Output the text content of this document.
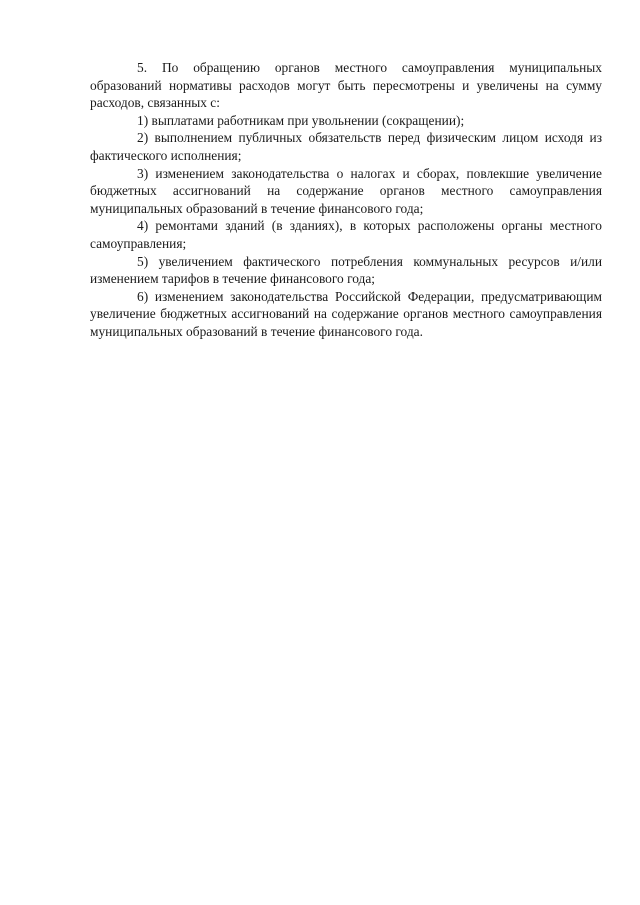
5. По обращению органов местного самоуправления муниципальных образований нормативы расходов могут быть пересмотрены и увеличены на сумму расходов, связанных с:

1) выплатами работникам при увольнении (сокращении);

2) выполнением публичных обязательств перед физическим лицом исходя из фактического исполнения;

3) изменением законодательства о налогах и сборах, повлекшие увеличение бюджетных ассигнований на содержание органов местного самоуправления муниципальных образований в течение финансового года;

4) ремонтами зданий (в зданиях), в которых расположены органы местного самоуправления;

5) увеличением фактического потребления коммунальных ресурсов и/или изменением тарифов в течение финансового года;

6) изменением законодательства Российской Федерации, предусматривающим увеличение бюджетных ассигнований на содержание органов местного самоуправления муниципальных образований в течение финансового года.
